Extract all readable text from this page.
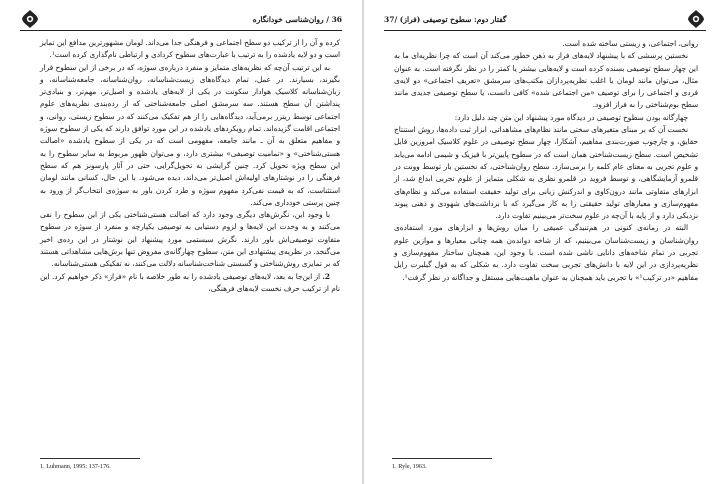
36 / روان‌شناسی خودانگاره

کرده و آن را از ترکیب دو سطح اجتماعی و فرهنگی جدا می‌داند. لومان مشهورترین مدافع این تمایز است و دو لایه یادشده را به ترتیب با عبارت‌های سطوح کردادی و ارتباطی نام‌گذاری کرده است¹.

به این ترتیب آن‌چه که نظریه‌های متمایز و منفرد درباره‌ی سوژه، که در برخی از این سطوح قرار بگیرند، بسیارند. در عمل، تمام دیدگاه‌های زیست‌شناسانه، روان‌شناسانه، جامعه‌شناسانه، و زبان‌شناسانه کلاسیک هوادار سکونت در یکی از لایه‌های یادشده و اصیل‌تر، مهم‌تر، و بنیادی‌تر پنداشتن آن سطح هستند. سه سرمشق اصلی جامعه‌شناختی که از ردەبندی نظریه‌های علوم اجتماعی توسط ریتزر برمی‌آید، دیدگاه‌هایی را از هم تفکیک می‌کنند که در سطوح زیستی، روانی، و اجتماعی اقامت گزیده‌اند. تمام رویکردهای یادشده در این مورد توافق دارند که یکی از سطوح سوژه و مفاهیم متعلق به آن ـ مانند جامعه، مفهومی است که در یکی از سطوح یادشده «اصالت هستی‌شناختی» و «تمامیت توصیفی» بیشتری دارد، و می‌توان ظهور مربوط به سایر سطوح را به این سطح ویژه تحویل کرد. چنین گرایشی به تحویل‌گرایی، حتی در آثار پارسونز هم که سطح فرهنگی را در نوشتارهای اولیه‌اش اصیل‌تر می‌داند، دیده می‌شود. با این حال، کسانی مانند لومان استثناست، که به قیمت نفی‌کرد مفهوم سوژه و طرد کردن باور به سوژه‌ی انتخاب‌گر از ورود به چنین پرستی خودداری می‌کند.

با وجود این، نگرش‌های دیگری وجود دارد که اصالت هستی‌شناختی یکی از این سطوح را نفی می‌کنند و به وحدت این لایه‌ها و لزوم دستیابی به توصیفی یکپارچه و منفرد از سوژه در سطوح متفاوت توصیفی‌اش باور دارند. نگرش سیستمی مورد پیشنهاد این نوشتار در این ردەی اخیر می‌گنجد. در نظریه‌ی پیشنهادی این متن، سطوح چهارگانه‌ی مفروض تنها برش‌هایی مشاهداتی هستند که بر تمایزی روش‌شناختی و گسستی شناخت‌شناسانه دلالت می‌کنند، نه تفکیکی هستی‌شناسانه.

2. از این‌جا به بعد، لایه‌های توصیفی یادشده را به طور خلاصه با نام «فراز» ذکر خواهیم کرد. این نام از ترکیب حرف نخست لایه‌های فرهنگی،

1. Luhmann, 1995: 137-176.
گفتار دوم: سطوح توصیفی (فراز) /37

روانی، اجتماعی، و زیستی ساخته شده است.

نخستین پرسشی که با پیشنهاد لایه‌های فراز به ذهن خطور می‌کند آن است که چرا نظریه‌ای ما به این چهار سطح توصیفی بسنده کرده است و لایه‌هایی بیشتر یا کمتر را در نظر نگرفته است. به عنوان مثال، می‌توان مانند لومان یا اغلب نظریه‌پردازان مکتب‌های سرمشق «تعریف اجتماعی» دو لایه‌ی فردی و اجتماعی را برای توصیف «من اجتماعی شده» کافی دانست، یا سطح توصیفی جدیدی مانند سطح بوم‌شناختی را به فراز افزود.

چهارگانه بودن سطوح توصیفی در دیدگاه مورد پیشنهاد این متن چند دلیل دارد:

نخست آن که بر مبنای متغیرهای سختی مانند نظام‌های مشاهداتی، ابزار ثبت داده‌ها، روش استنتاج حقایق، و چارچوب صورت‌بندی مفاهیم، آشکارا، چهار سطح توصیفی در علوم کلاسیک امروزین قابل تشخیص است. سطح زیست‌شناختی همان است که در سطوح پایین‌تر با فیزیک و شیمی ادامه می‌یابد و علوم تجربی به معنای عام کلمه را برمی‌سازد. سطح روان‌شناختی، که نخستین بار توسط وونت در قلمرو آزمایشگاهی، و توسط فروید در قلمرو نظری به شکلی متمایز از علوم تجربی ابداع شد، از ابزارهای متفاوتی مانند درون‌کاوی و اندرکنش زبانی برای تولید حقیقت استفاده می‌کند و نظام‌های مفهوم‌سازی و معیارهای تولید حقیقتی را به کار می‌گیرد که با برداشت‌های شهودی و ذهنی پیوند نزدیکی دارد و از پایه با آن‌چه در علوم سخت‌تر می‌بینیم تفاوت دارد.

البته در زمانه‌ی کنونی در هم‌تنیدگی عمیقی را میان روش‌ها و ابزارهای مورد استفاده‌ی روان‌شناسان و زیست‌شناسان می‌بینیم، که از شاخه دوانده‌ن همه چنانی معیارها و موازین علوم تجربی در تمام شاخه‌های دانایی ناشی شده است. با وجود این، همچنان ساختار مفهوم‌سازی و نظریه‌پردازی در این لایه با دانش‌های تجربی سخت تفاوت دارد. به شکلی که به قول گیلبرت رایل مفاهیم «در ترکیب¹» با تجربی باید همچنان به عنوان ماهیت‌هایی مستقل و جداگانه در نظر گرفت¹.

1. Ryle, 1963.
